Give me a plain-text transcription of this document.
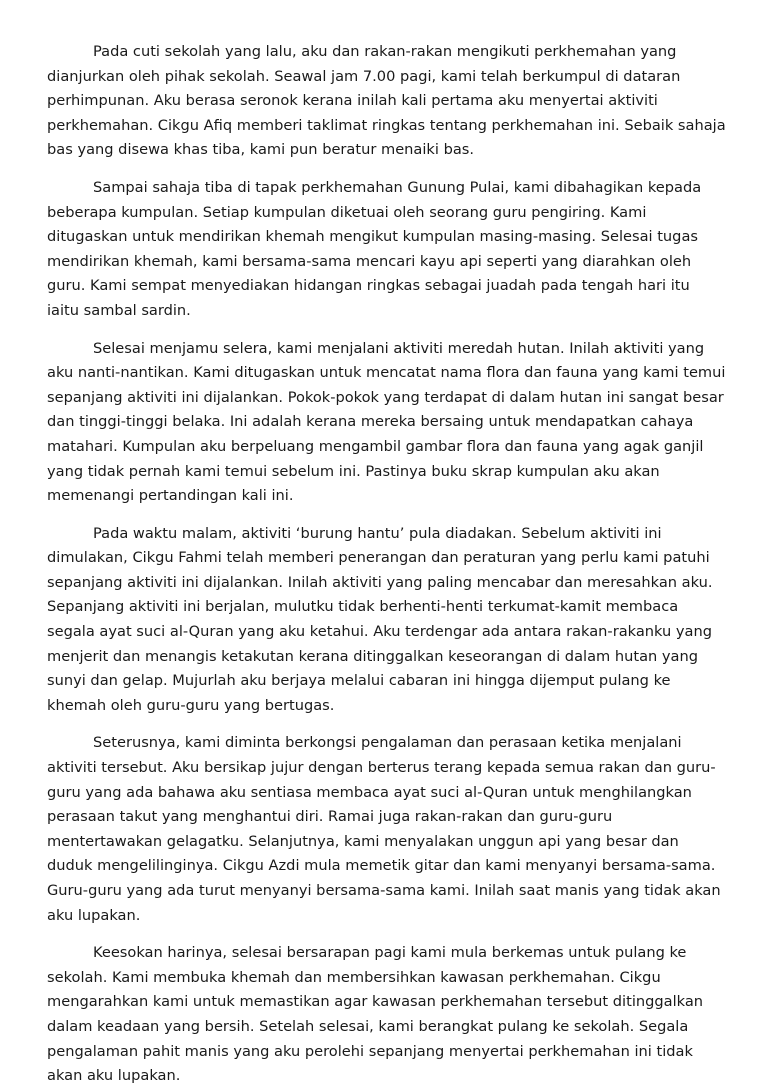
Pada cuti sekolah yang lalu, aku dan rakan-rakan mengikuti perkhemahan yang dianjurkan oleh pihak sekolah. Seawal jam 7.00 pagi, kami telah berkumpul di dataran perhimpunan. Aku berasa seronok kerana inilah kali pertama aku menyertai aktiviti perkhemahan. Cikgu Afiq memberi taklimat ringkas tentang perkhemahan ini. Sebaik sahaja bas yang disewa khas tiba, kami pun beratur menaiki bas.

Sampai sahaja tiba di tapak perkhemahan Gunung Pulai, kami dibahagikan kepada beberapa kumpulan. Setiap kumpulan diketuai oleh seorang guru pengiring. Kami ditugaskan untuk mendirikan khemah mengikut kumpulan masing-masing. Selesai tugas mendirikan khemah, kami bersama-sama mencari kayu api seperti yang diarahkan oleh guru. Kami sempat menyediakan hidangan ringkas sebagai juadah pada tengah hari itu iaitu sambal sardin.

Selesai menjamu selera, kami menjalani aktiviti meredah hutan. Inilah aktiviti yang aku nanti-nantikan. Kami ditugaskan untuk mencatat nama flora dan fauna yang kami temui sepanjang aktiviti ini dijalankan. Pokok-pokok yang terdapat di dalam hutan ini sangat besar dan tinggi-tinggi belaka. Ini adalah kerana mereka bersaing untuk mendapatkan cahaya matahari. Kumpulan aku berpeluang mengambil gambar flora dan fauna yang agak ganjil yang tidak pernah kami temui sebelum ini. Pastinya buku skrap kumpulan aku akan memenangi pertandingan kali ini.

Pada waktu malam, aktiviti ‘burung hantu’ pula diadakan. Sebelum aktiviti ini dimulakan, Cikgu Fahmi telah memberi penerangan dan peraturan yang perlu kami patuhi sepanjang aktiviti ini dijalankan. Inilah aktiviti yang paling mencabar dan meresahkan aku. Sepanjang aktiviti ini berjalan, mulutku tidak berhenti-henti terkumat-kamit membaca segala ayat suci al-Quran yang aku ketahui. Aku terdengar ada antara rakan-rakanku yang menjerit dan menangis ketakutan kerana ditinggalkan keseorangan di dalam hutan yang sunyi dan gelap. Mujurlah aku berjaya melalui cabaran ini hingga dijemput pulang ke khemah oleh guru-guru yang bertugas.

Seterusnya, kami diminta berkongsi pengalaman dan perasaan ketika menjalani aktiviti tersebut. Aku bersikap jujur dengan berterus terang kepada semua rakan dan guru-guru yang ada bahawa aku sentiasa membaca ayat suci al-Quran untuk menghilangkan perasaan takut yang menghantui diri. Ramai juga rakan-rakan dan guru-guru mentertawakan gelagatku. Selanjutnya, kami menyalakan unggun api yang besar dan duduk mengelilinginya. Cikgu Azdi mula memetik gitar dan kami menyanyi bersama-sama. Guru-guru yang ada turut menyanyi bersama-sama kami. Inilah saat manis yang tidak akan aku lupakan.

Keesokan harinya, selesai bersarapan pagi kami mula berkemas untuk pulang ke sekolah. Kami membuka khemah dan membersihkan kawasan perkhemahan. Cikgu mengarahkan kami untuk memastikan agar kawasan perkhemahan tersebut ditinggalkan dalam keadaan yang bersih. Setelah selesai, kami berangkat pulang ke sekolah. Segala pengalaman pahit manis yang aku perolehi sepanjang menyertai perkhemahan ini tidak akan aku lupakan.
